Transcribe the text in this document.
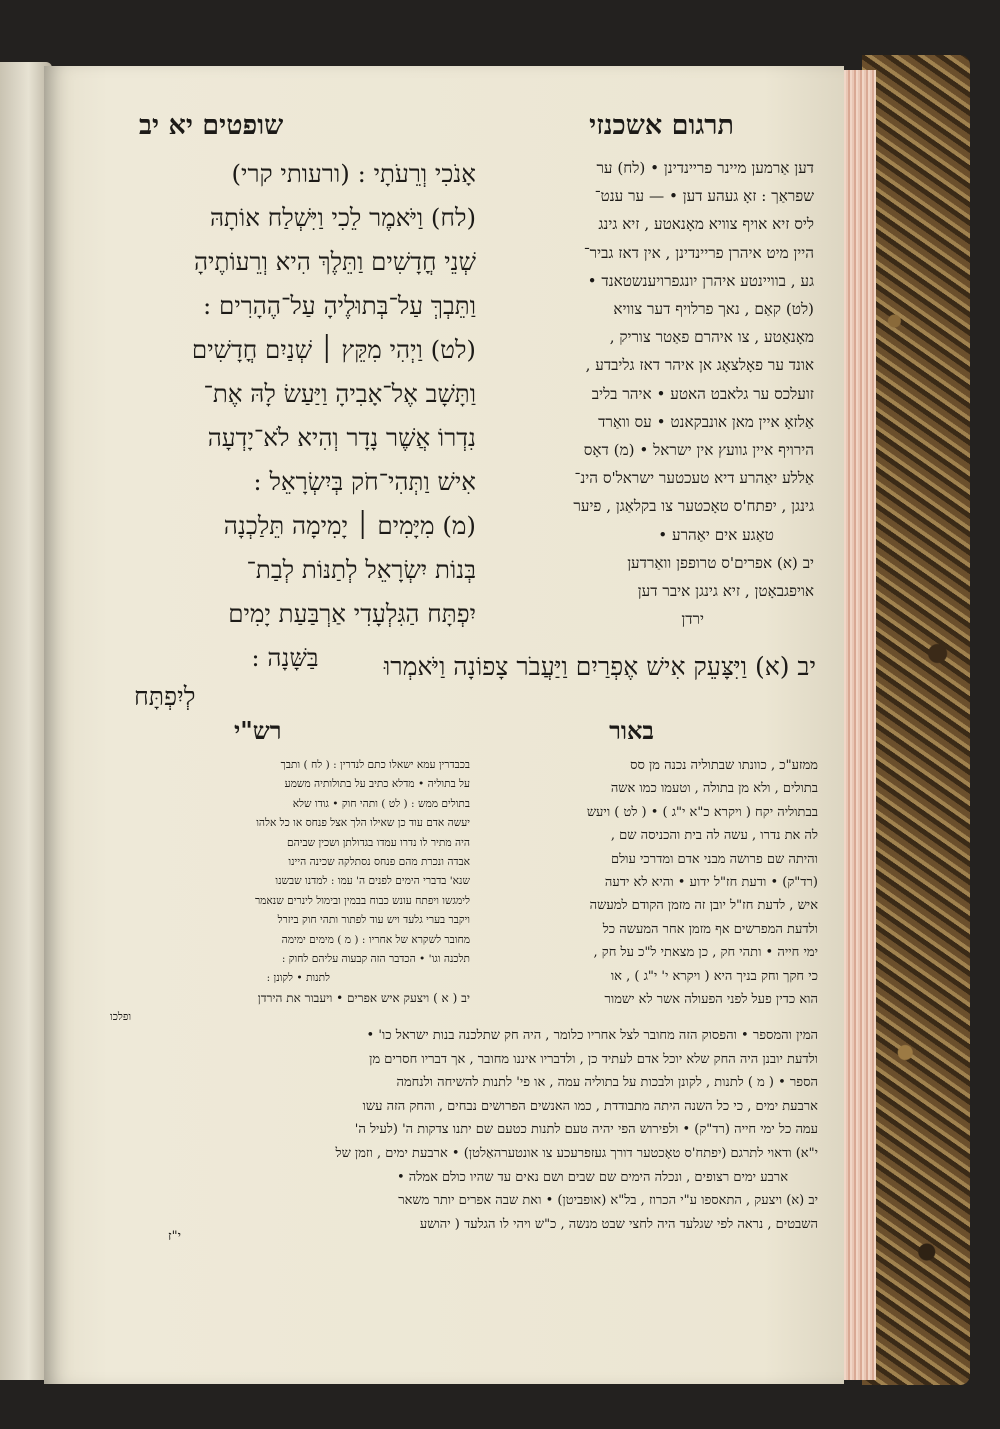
שופטים יא יב	תרגום אשכנזי
אָנֹכִי וְרֵעֹתָי : (ורעותי קרי)
(לח) וַיֹּאמֶר לֵכִי וַיִּשְׁלַח אוֹתָהּ
שְׁנֵי חֳדָשִׁים וַתֵּלֶךְ הִיא וְרֵעוֹתֶיהָ
וַתֵּבְךְּ עַל־בְּתוּלֶיהָ עַל־הֶהָרִים :
(לט) וַיְהִי מִקֵּץ ׀ שְׁנַיִם חֳדָשִׁים
וַתָּשָׁב אֶל־אָבִיהָ וַיַּעַשׂ לָהּ אֶת־
נִדְרוֹ אֲשֶׁר נָדָר וְהִיא לֹא־יָדְעָה
אִישׁ וַתְּהִי־חֹק בְּיִשְׂרָאֵל :
(מ) מִיָּמִים ׀ יָמִימָה תֵּלַכְנָה
בְּנוֹת יִשְׂרָאֵל לְתַנּוֹת לְבַת־
יִפְתָּח הַגִּלְעָדִי אַרְבַּעַת יָמִים
בַּשָּׁנָה :
דען אַרמען מיינר פריינדינן • (לח) ער
שפראַך : זאָ געהע דען • — ער ענט־
ליס זיא אויף צוויא מאָנאטע , זיא גינג
היין מיט איהרן פריינדינן , אין דאז גביר־
גע , בוויינטע איהרן יונגפרויענשטאנד •
(לט) קאַם , נאך פרלויף דער צוויא
מאָנאַטע , צו איהרם פאַטר צוריק ,
אונד ער פאָלצאָג אן איהר דאז גליבדע ,
זועלכס ער גלאבט האטע • איהר בליב
אַלזאָ איין מאן אונבקאנט • עס וואַרד
הירויף איין גוועץ אין ישראל • (מ) דאָס
אַללע יאַהרע דיא טעכטער ישראל'ס הינ־
גינגן , יפתח'ס טאָכטער צו בקלאַגן , פיער
טאַגע אים יאַהרע •
יב (א) אפרים'ס טרופפן וואַרדען
אויפגבאָטן , זיא גינגן איבר דען
ירדן
יב (א) וַיִּצָּעֵק אִישׁ אֶפְרַיִם וַיַּעֲבֹר צָפוֹנָה וַיֹּאמְרוּ
לְיִפְתָּח
רש"י	באור
בכבדרין עמא ישאלו כתם לנדרין : ( לח ) ותבך
על בתוליה • מדלא כתיב על בתולותיה משמע
בתולים ממש : ( לט ) ותהי חוק • גודו שלא
יעשה אדם עוד כן שאילו הלך אצל פנחס או כל אלהו
היה מתיר לו נדרו עמדו בגדולתן ושכין שביהם
אבדה ונכרת מהם פנחס נסתלקה שכינה היינו
שנא' בדברי הימים לפנים ה' עמו : למדנו שבשנו
לימגשו ויפתח עונש כבוח בבמין ובימול לינרים שנאמר
ויקבר בערי גלעד ויש עוד לפתור ותהי חוק ביזרל
מחובר לשקרא של אחריו : ( מ ) מימים ימימה
תלכנה וגו' • הכדבר הזה קבעוה עליהם לחוק :
לתנות • לקונן :
יב ( א ) ויצעק איש אפרים • ויעבור את הירדן
ופלכו
ממזע"כ , כוונתו שבתוליה נכנה מן סס
בתולים , ולא מן בתולה , וטעמו כמו אשה
בבתוליה יקח ( ויקרא כ"א י"ג ) • ( לט ) ויעש
לה את נדרו , עשה לה בית והכניסה שם ,
והיתה שם פרושה מבני אדם ומדרכי עולם
(רד"ק) • ודעת חז"ל ידוע • והיא לא ידעה
איש , לדעת חז"ל יובן זה מזמן הקודם למעשה
ולדעת המפרשים אף מזמן אחר המעשה כל
ימי חייה • ותהי חק , כן מצאתי ל"כ על חק ,
כי חקך וחק בניך היא ( ויקרא י' י"ג ) , או
הוא כדין פעל לפני הפעולה אשר לא ישמור
המין והמספר • והפסוק הזה מחובר לצל אחריו כלומר , היה חק שתלכנה בנות ישראל כו' •
ולדעת יובנן היה החק שלא יוכל אדם לעתיד כן , ולדבריו איננו מחובר , אך דבריו חסרים מן
הספר • ( מ ) לתנות , לקונן ולבכות על בתוליה עמה , או פי' לתנות להשיחה ולנחמה
ארבעת ימים , כי כל השנה היתה מתבודדת , כמו האנשים הפרושים נבחים , והחק הזה עשו
עמה כל ימי חייה (רד"ק) • ולפירוש הפי יהיה טעם לתנות כטעם שם יתנו צדקות ה' (לעיל ה'
י"א) ודאוי לתרגם (יפתח'ס טאָכטער דורך געזפרעכע צו אונטערהאַלטן) • ארבעת ימים , וזמן של
ארבע ימים רצופים , ונכלה הימים שם שבים ושם נאים עד שהיו כולם אמלה •
יב (א) ויצעק , התאספו ע"י הכרוז , בל"א (אופביטן) • ואת שבה אפרים יותר משאר
השבטים , נראה לפי שגלעד היה לחצי שבט מנשה , כ"ש ויהי לו הגלעד ( יהושע
י"ז
